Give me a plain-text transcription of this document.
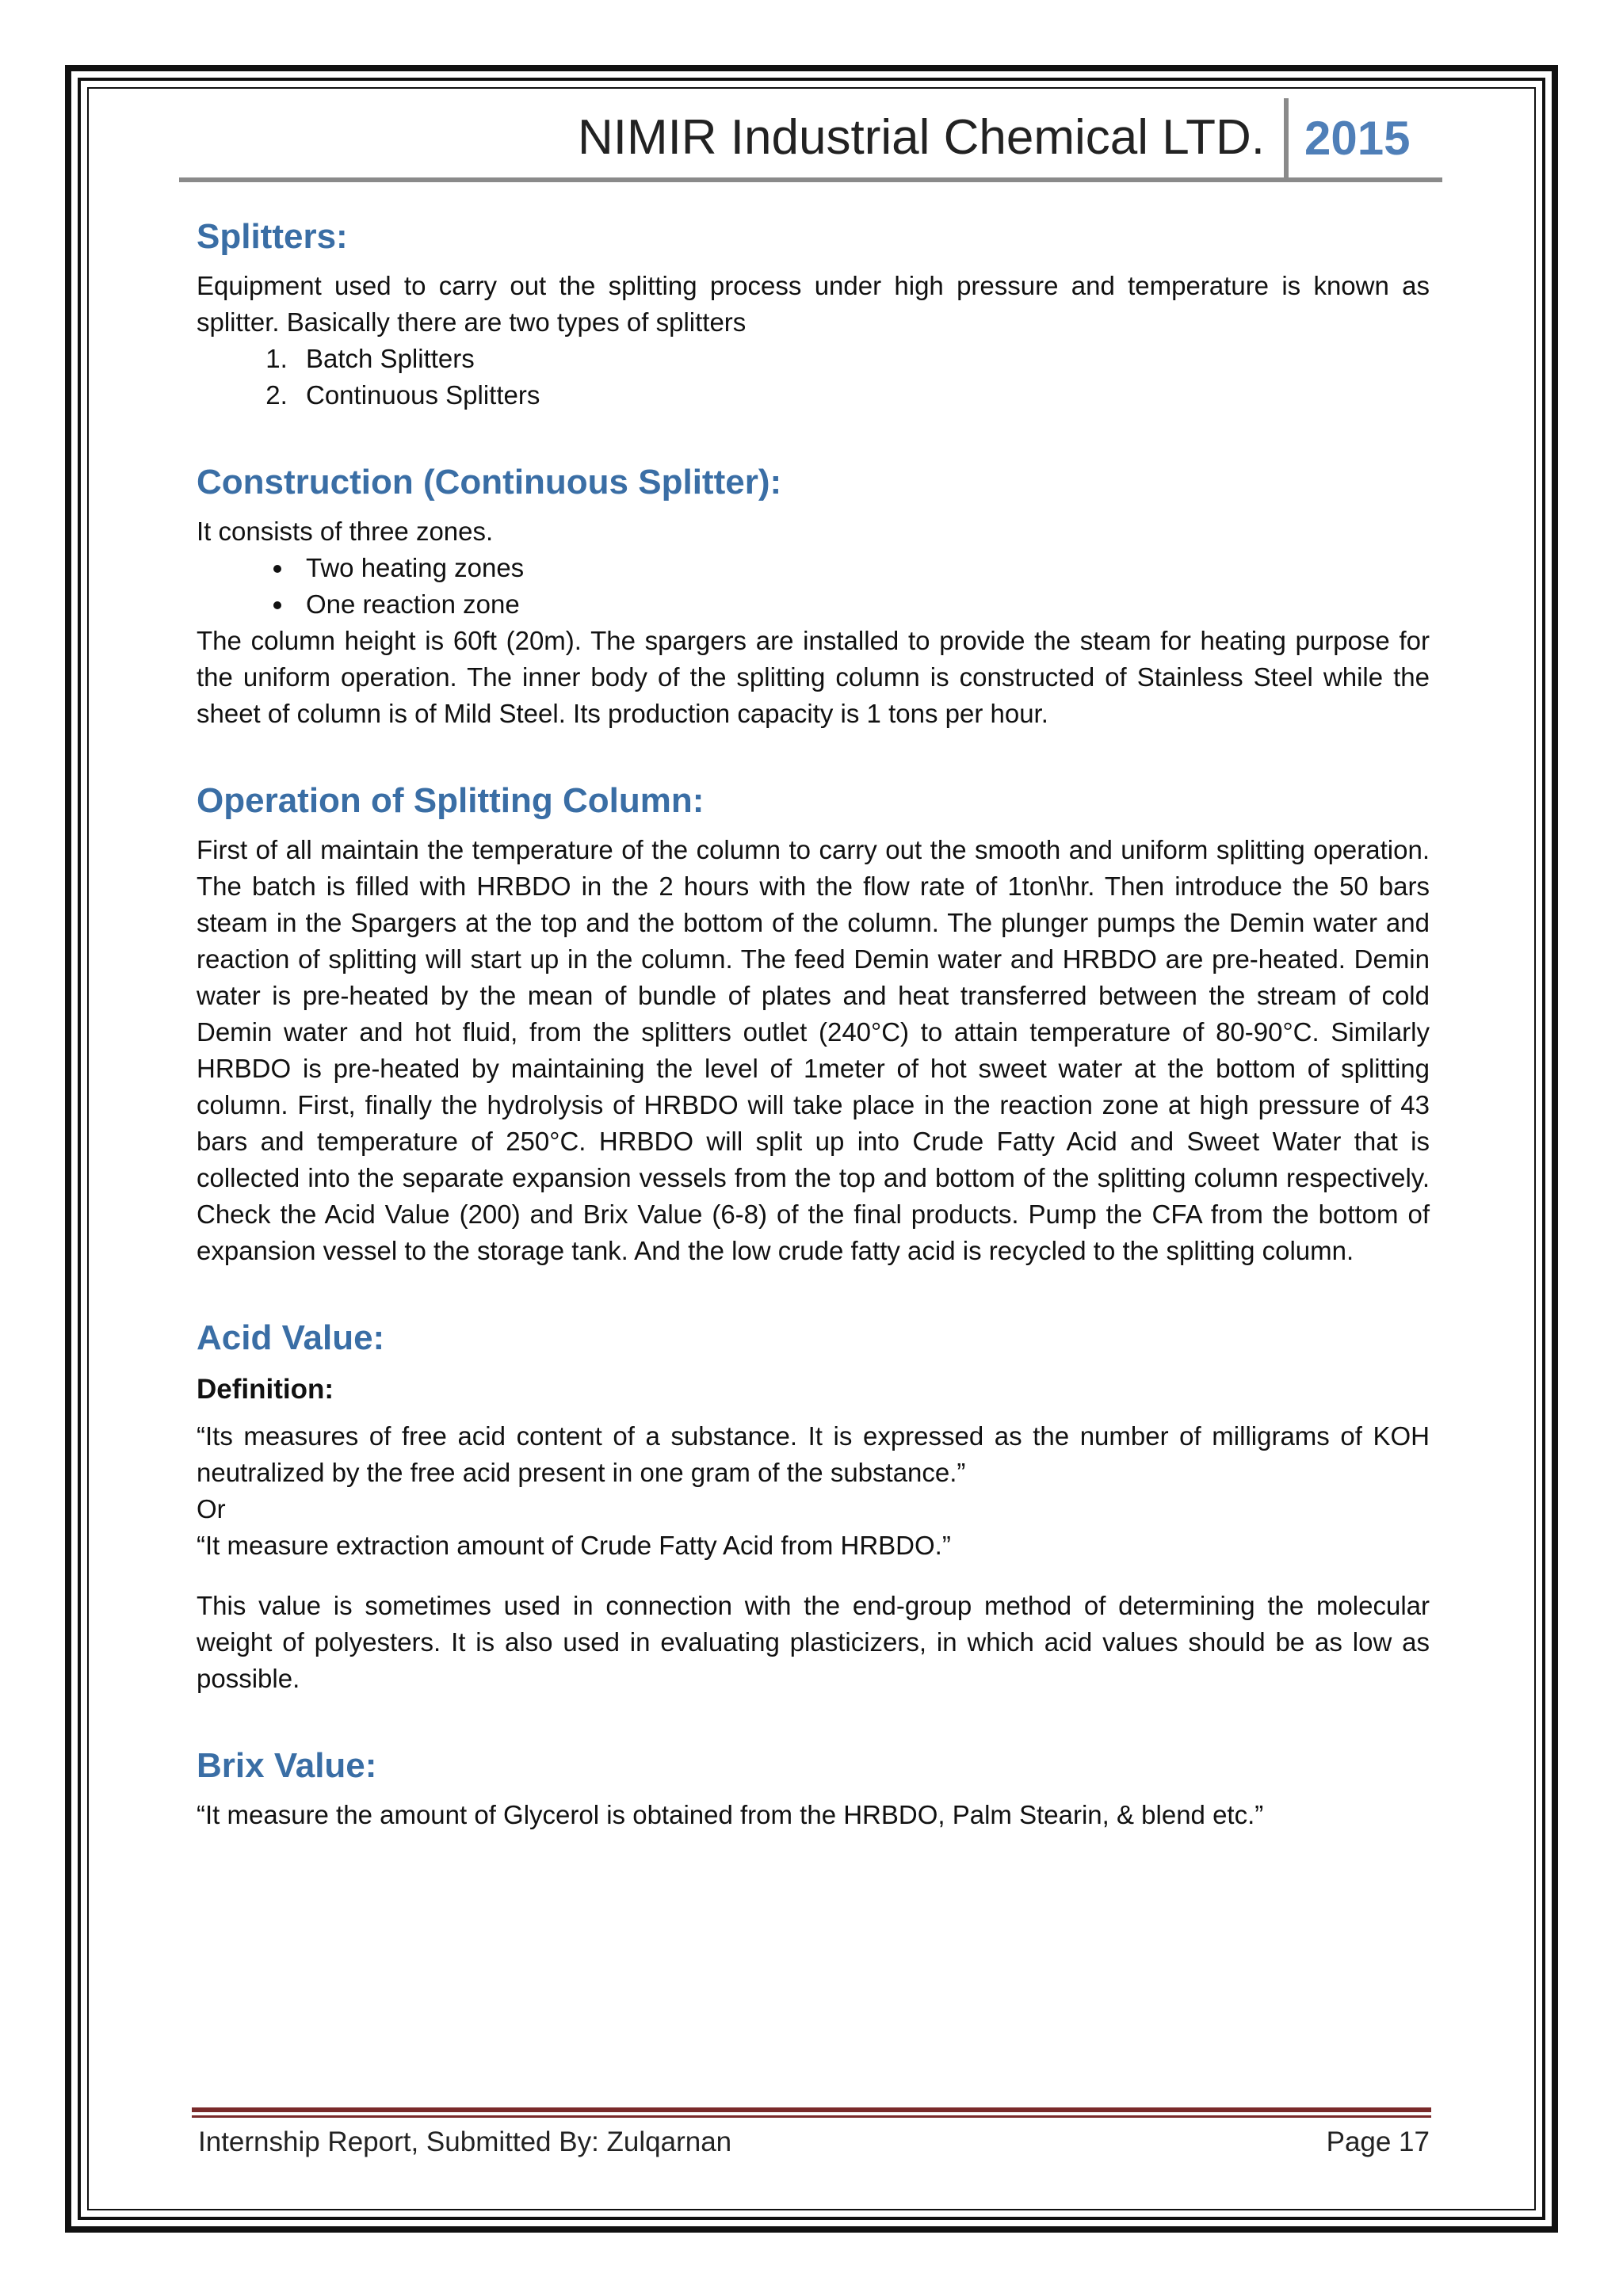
NIMIR Industrial Chemical LTD. 2015
Splitters:

Equipment used to carry out the splitting process under high pressure and temperature is known as splitter. Basically there are two types of splitters

1. Batch Splitters
2. Continuous Splitters
Construction (Continuous Splitter):

It consists of three zones.

• Two heating zones
• One reaction zone

The column height is 60ft (20m). The spargers are installed to provide the steam for heating purpose for the uniform operation. The inner body of the splitting column is constructed of Stainless Steel while the sheet of column is of Mild Steel. Its production capacity is 1 tons per hour.

Operation of Splitting Column:

First of all maintain the temperature of the column to carry out the smooth and uniform splitting operation. The batch is filled with HRBDO in the 2 hours with the flow rate of 1ton\hr. Then introduce the 50 bars steam in the Spargers at the top and the bottom of the column. The plunger pumps the Demin water and reaction of splitting will start up in the column. The feed Demin water and HRBDO are pre-heated. Demin water is pre-heated by the mean of bundle of plates and heat transferred between the stream of cold Demin water and hot fluid, from the splitters outlet (240°C) to attain temperature of 80-90°C. Similarly HRBDO is pre-heated by maintaining the level of 1meter of hot sweet water at the bottom of splitting column. First, finally the hydrolysis of HRBDO will take place in the reaction zone at high pressure of 43 bars and temperature of 250°C. HRBDO will split up into Crude Fatty Acid and Sweet Water that is collected into the separate expansion vessels from the top and bottom of the splitting column respectively. Check the Acid Value (200) and Brix Value (6-8) of the final products. Pump the CFA from the bottom of expansion vessel to the storage tank. And the low crude fatty acid is recycled to the splitting column.

Acid Value:
Definition:

“Its measures of free acid content of a substance. It is expressed as the number of milligrams of KOH neutralized by the free acid present in one gram of the substance.”

Or

“It measure extraction amount of Crude Fatty Acid from HRBDO.”

This value is sometimes used in connection with the end-group method of determining the molecular weight of polyesters. It is also used in evaluating plasticizers, in which acid values should be as low as possible.

Brix Value:

“It measure the amount of Glycerol is obtained from the HRBDO, Palm Stearin, & blend etc.”

Internship Report, Submitted By: Zulqarnan	Page 17
